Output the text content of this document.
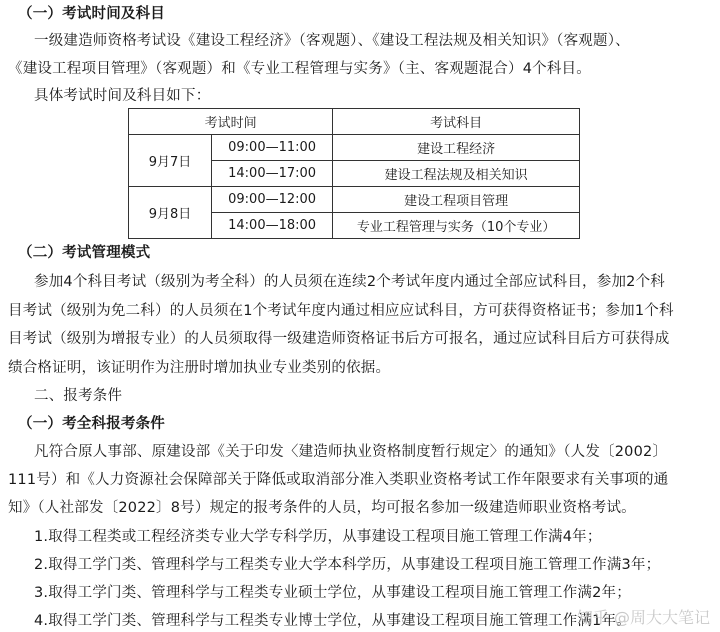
（一）考试时间及科目
一级建造师资格考试设《建设工程经济》（客观题）、《建设工程法规及相关知识》（客观题）、
《建设工程项目管理》（客观题）和《专业工程管理与实务》（主、客观题混合）4个科目。
具体考试时间及科目如下：
考试时间		考试科目
9月7日	09:00—11:00	建设工程经济
	14:00—17:00	建设工程法规及相关知识
9月8日	09:00—12:00	建设工程项目管理
	14:00—18:00	专业工程管理与实务（10个专业）
（二）考试管理模式
参加4个科目考试（级别为考全科）的人员须在连续2个考试年度内通过全部应试科目，参加2个科
目考试（级别为免二科）的人员须在1个考试年度内通过相应应试科目，方可获得资格证书；参加1个科
目考试（级别为增报专业）的人员须取得一级建造师资格证书后方可报名，通过应试科目后方可获得成
绩合格证明，该证明作为注册时增加执业专业类别的依据。
二、报考条件
（一）考全科报考条件
凡符合原人事部、原建设部《关于印发〈建造师执业资格制度暂行规定〉的通知》（人发〔2002〕
111号）和《人力资源社会保障部关于降低或取消部分准入类职业资格考试工作年限要求有关事项的通
知》（人社部发〔2022〕8号）规定的报考条件的人员，均可报名参加一级建造师职业资格考试。
1.取得工程类或工程经济类专业大学专科学历，从事建设工程项目施工管理工作满4年；
2.取得工学门类、管理科学与工程类专业大学本科学历，从事建设工程项目施工管理工作满3年；
3.取得工学门类、管理科学与工程类专业硕士学位，从事建设工程项目施工管理工作满2年；
4.取得工学门类、管理科学与工程类专业博士学位，从事建设工程项目施工管理工作满1年。
知乎 @周大大笔记
